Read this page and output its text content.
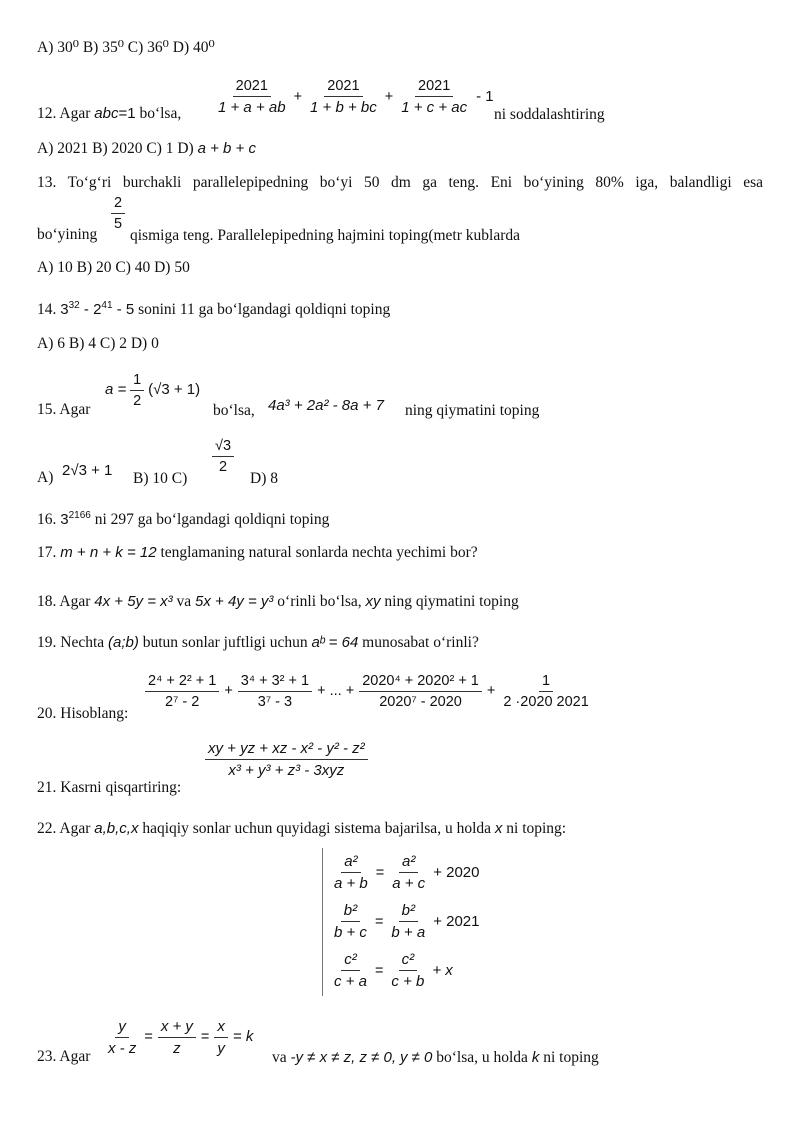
A) 30⁰ B) 35⁰ C) 36⁰ D) 40⁰
12. Agar abc=1 bo‘lsa, $\frac{2021}{1 + a + ab} + \frac{2021}{1 + b + bc} + \frac{2021}{1 + c + ac} - 1$
ni soddalashtiring
A) 2021 B) 2020 C) 1 D) a + b + c
13. To‘g‘ri burchakli parallelepipedning bo‘yi 50 dm ga teng. Eni bo‘yining 80% iga, balandligi esa
bo‘yining
$\frac{2}{5}$
qismiga teng. Parallelepipedning hajmini toping(metr kublarda
A) 10 B) 20 C) 40 D) 50
14. $3^{32} - 2^{41} - 5$ sonini 11 ga bo‘lgandagi qoldiqni toping
A) 6 B) 4 C) 2 D) 0
15. Agar
$a = \frac{1}{2} (√3 + 1)$
bo‘lsa, 4a³ + 2a² - 8a + 7 ning qiymatini toping
A) 2√3 + 1 B) 10 C)
$\frac{√3}{2}$
D) 8
16. $3^{2166}$ ni 297 ga bo‘lgandagi qoldiqni toping
17. m + n + k = 12 tenglamaning natural sonlarda nechta yechimi bor?
18. Agar 4x + 5y = x³ va 5x + 4y = y³ o‘rinli bo‘lsa, xy ning qiymatini toping
19. Nechta (a;b) butun sonlar juftligi uchun aᵇ = 64 munosabat o‘rinli?
20. Hisoblang:
$\frac{\text{2⁴ + 2² + 1}}{\text{2⁷ - 2}} + \frac{\text{3⁴ + 3² + 1}}{\text{3⁷ - 3}}$ + ... + $\frac{\text{2020⁴ + 2020² + 1}}{\text{2020⁷ - 2020}} + \frac{1}{2 \cdot 2020 2021}$
21. Kasrni qisqartiring:
$\frac{\text{xy + yz + xz - x² - y² - z²}}{\text{x³ + y³ + z³ - 3xyz}}$
22. Agar a,b,c,x haqiqiy sonlar uchun quyidagi sistema bajarilsa, u holda x ni toping:
$\frac{\text{a²}}{a + b} = \frac{\text{a²}}{a + c} + 2020$
$\frac{\text{b²}}{b + c} = \frac{\text{b²}}{b + a} + 2021$
$\frac{\text{c²}}{c + a} = \frac{\text{c²}}{c + b} + x$
23. Agar $\frac{y}{x - z} = \frac{x + y}{z} = \frac{x}{y} = k$
va -y ≠ x ≠ z, z ≠ 0, y ≠ 0 bo‘lsa, u holda k ni toping
